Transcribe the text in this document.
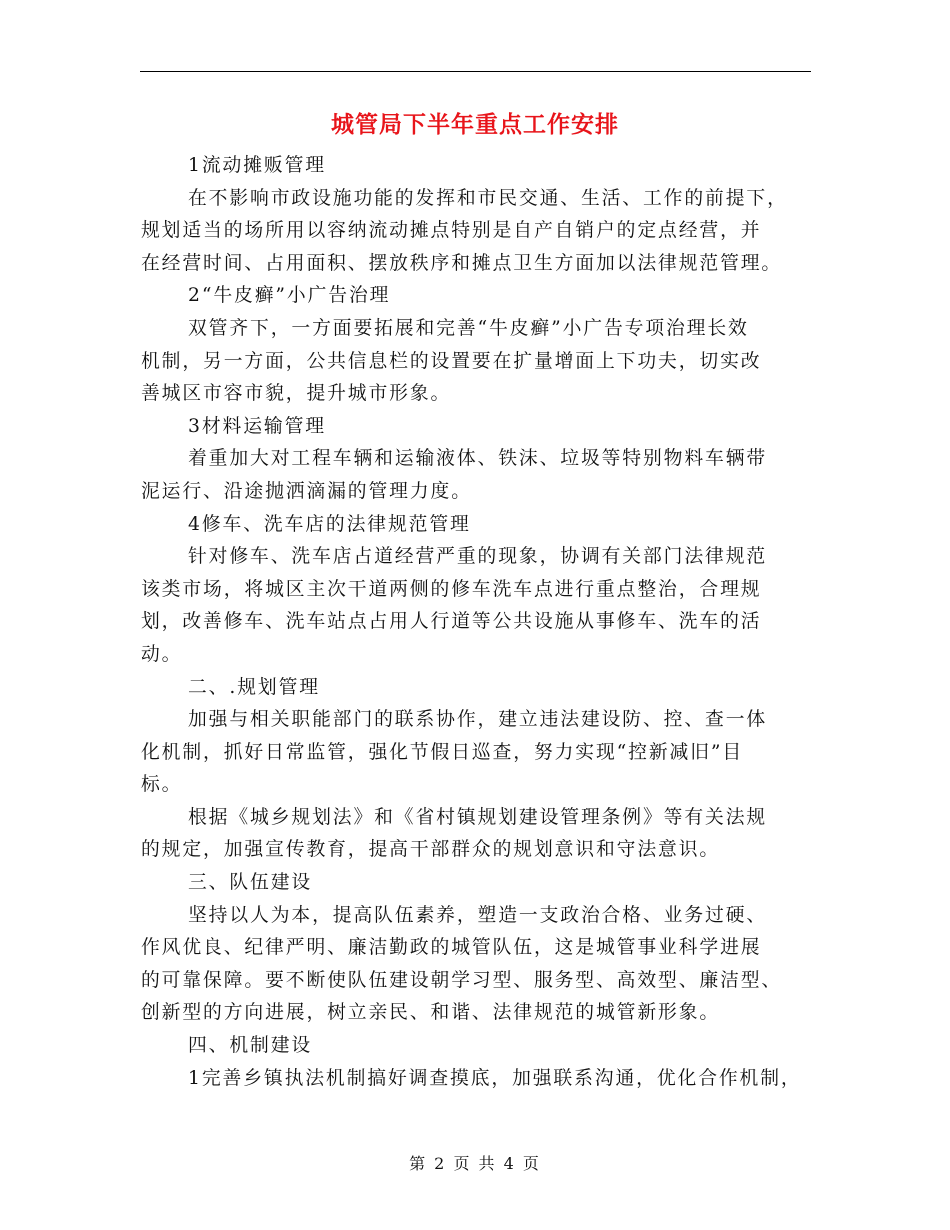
城管局下半年重点工作安排
1流动摊贩管理
在不影响市政设施功能的发挥和市民交通、生活、工作的前提下，
规划适当的场所用以容纳流动摊点特别是自产自销户的定点经营，并
在经营时间、占用面积、摆放秩序和摊点卫生方面加以法律规范管理。
2“牛皮癣”小广告治理
双管齐下，一方面要拓展和完善“牛皮癣”小广告专项治理长效
机制，另一方面，公共信息栏的设置要在扩量增面上下功夫，切实改
善城区市容市貌，提升城市形象。
3材料运输管理
着重加大对工程车辆和运输液体、铁沫、垃圾等特别物料车辆带
泥运行、沿途抛洒滴漏的管理力度。
4修车、洗车店的法律规范管理
针对修车、洗车店占道经营严重的现象，协调有关部门法律规范
该类市场，将城区主次干道两侧的修车洗车点进行重点整治，合理规
划，改善修车、洗车站点占用人行道等公共设施从事修车、洗车的活
动。
二、.规划管理
加强与相关职能部门的联系协作，建立违法建设防、控、查一体
化机制，抓好日常监管，强化节假日巡查，努力实现“控新减旧”目
标。
根据《城乡规划法》和《省村镇规划建设管理条例》等有关法规
的规定，加强宣传教育，提高干部群众的规划意识和守法意识。
三、队伍建设
坚持以人为本，提高队伍素养，塑造一支政治合格、业务过硬、
作风优良、纪律严明、廉洁勤政的城管队伍，这是城管事业科学进展
的可靠保障。要不断使队伍建设朝学习型、服务型、高效型、廉洁型、
创新型的方向进展，树立亲民、和谐、法律规范的城管新形象。
四、机制建设
1完善乡镇执法机制搞好调查摸底，加强联系沟通，优化合作机制，
第 2 页 共 4 页
